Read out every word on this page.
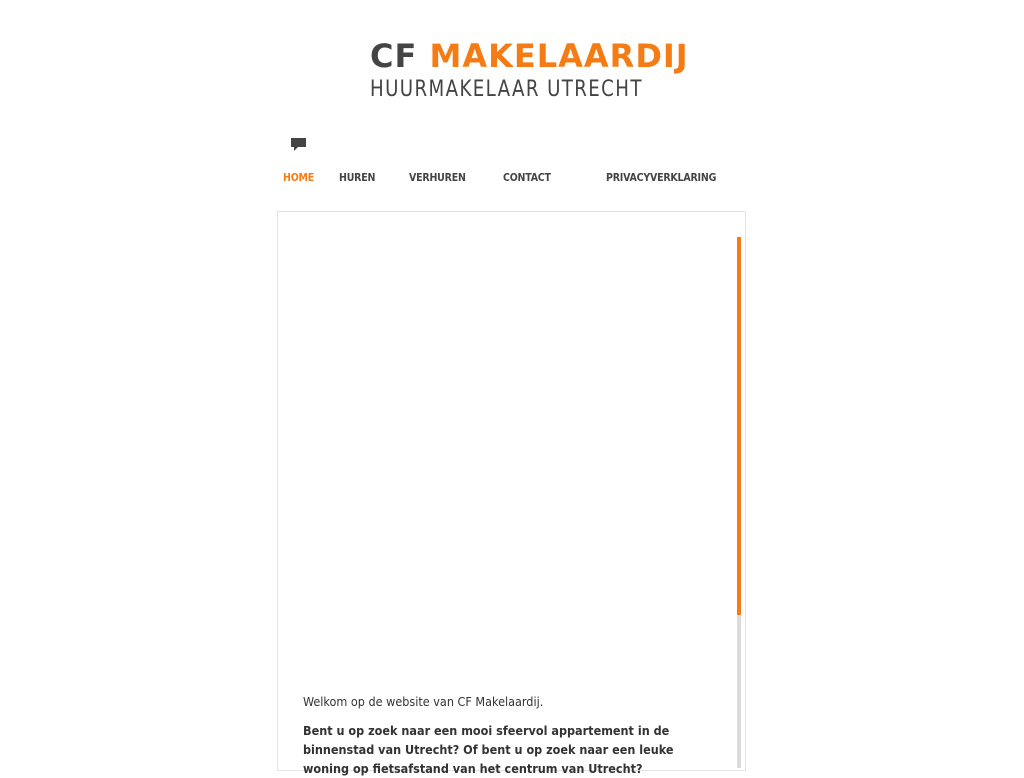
CF MAKELAARDIJ
HUURMAKELAAR UTRECHT
HOME HUREN	VERHUREN	CONTACT	PRIVACYVERKLARING

Welkom op de website van CF Makelaardij.

Bent u op zoek naar een mooi sfeervol appartement in de binnenstad van Utrecht? Of bent u op zoek naar een leuke woning op fietsafstand van het centrum van Utrecht?
